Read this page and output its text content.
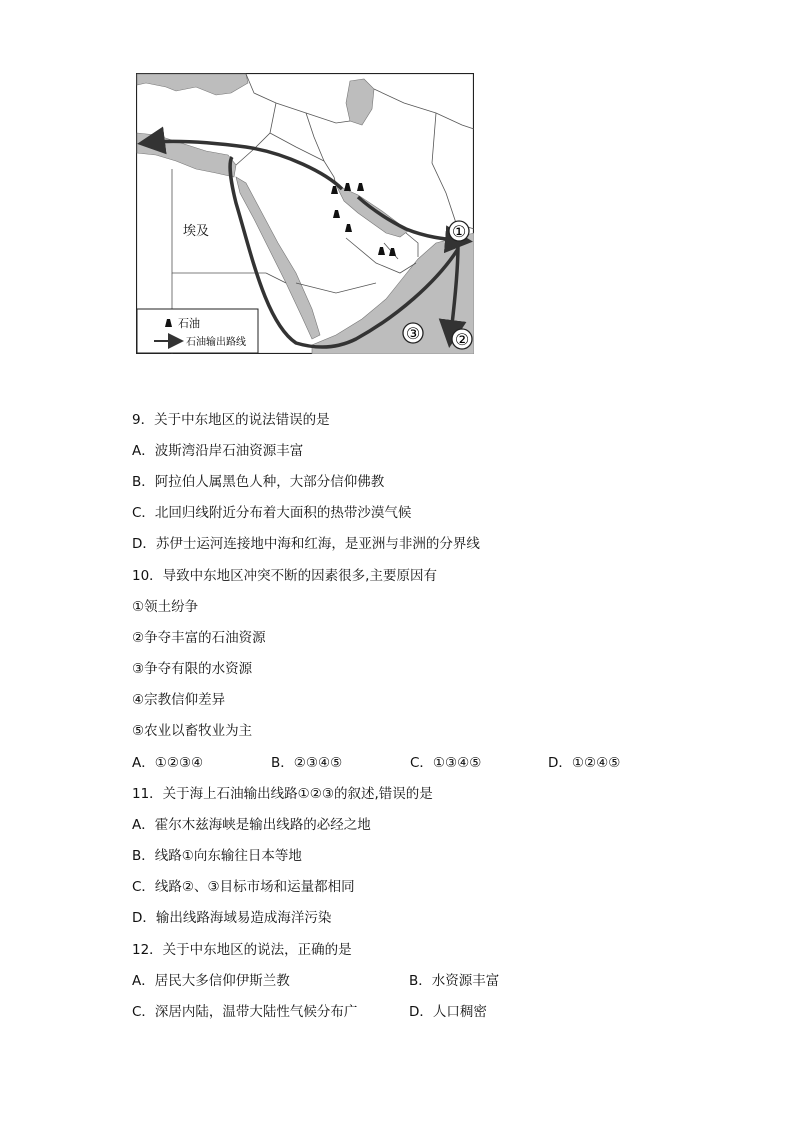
①
②
③
埃及
石油
石油输出路线
9．关于中东地区的说法错误的是
A．波斯湾沿岸石油资源丰富
B．阿拉伯人属黑色人种，大部分信仰佛教
C．北回归线附近分布着大面积的热带沙漠气候
D．苏伊士运河连接地中海和红海，是亚洲与非洲的分界线
10．导致中东地区冲突不断的因素很多,主要原因有
①领土纷争
②争夺丰富的石油资源
③争夺有限的水资源
④宗教信仰差异
⑤农业以畜牧业为主
A．①②③④	B．②③④⑤	C．①③④⑤	D．①②④⑤
11．关于海上石油输出线路①②③的叙述,错误的是
A．霍尔木兹海峡是输出线路的必经之地
B．线路①向东输往日本等地
C．线路②、③目标市场和运量都相同
D．输出线路海域易造成海洋污染
12．关于中东地区的说法，正确的是
A．居民大多信仰伊斯兰教	B．水资源丰富
C．深居内陆，温带大陆性气候分布广	D．人口稠密
